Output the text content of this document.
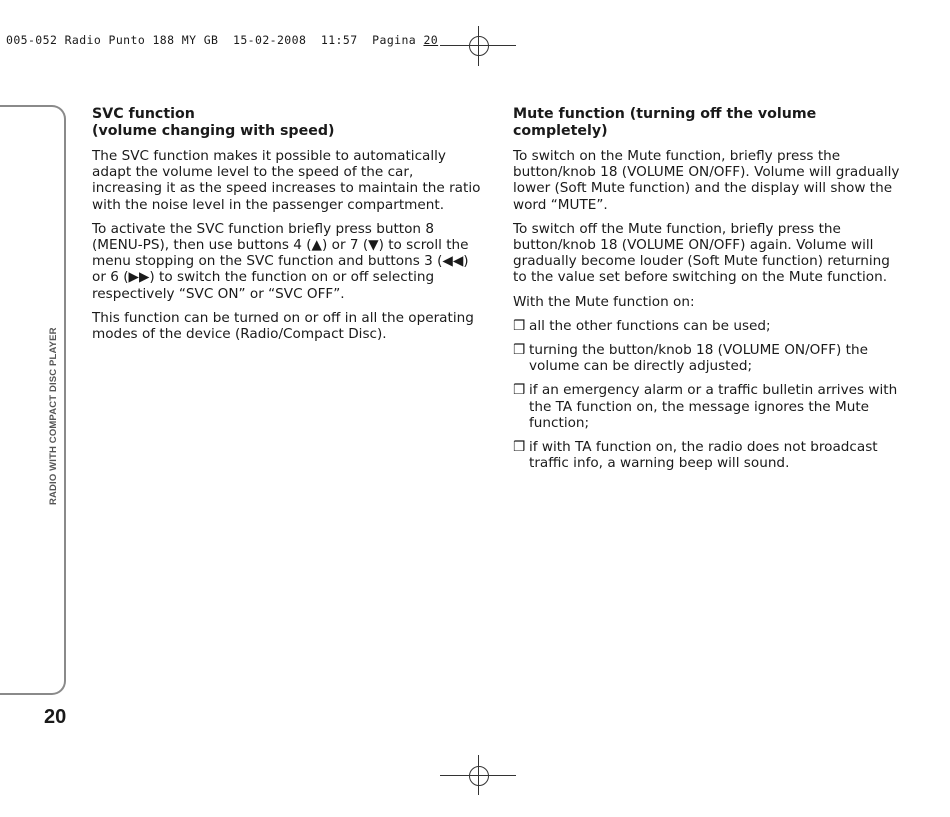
005-052 Radio Punto 188 MY GB  15-02-2008  11:57  Pagina 20
RADIO WITH COMPACT DISC PLAYER
20
SVC function
(volume changing with speed)

The SVC function makes it possible to automatically adapt the volume level to the speed of the car, increasing it as the speed increases to maintain the ratio with the noise level in the passenger compartment.

To activate the SVC function briefly press button 8 (MENU-PS), then use buttons 4 (▲) or 7 (▼) to scroll the menu stopping on the SVC function and buttons 3 (◀◀) or 6 (▶▶) to switch the function on or off selecting respectively “SVC ON” or “SVC OFF”.

This function can be turned on or off in all the operating modes of the device (Radio/Compact Disc).

Mute function (turning off the volume
completely)

To switch on the Mute function, briefly press the button/knob 18 (VOLUME ON/OFF). Volume will gradually lower (Soft Mute function) and the display will show the word “MUTE”.

To switch off the Mute function, briefly press the button/knob 18 (VOLUME ON/OFF) again. Volume will gradually become louder (Soft Mute function) returning to the value set before switching on the Mute function.

With the Mute function on:

❒ all the other functions can be used;
❒ turning the button/knob 18 (VOLUME ON/OFF) the volume can be directly adjusted;
❒ if an emergency alarm or a traffic bulletin arrives with the TA function on, the message ignores the Mute function;
❒ if with TA function on, the radio does not broadcast traffic info, a warning beep will sound.
